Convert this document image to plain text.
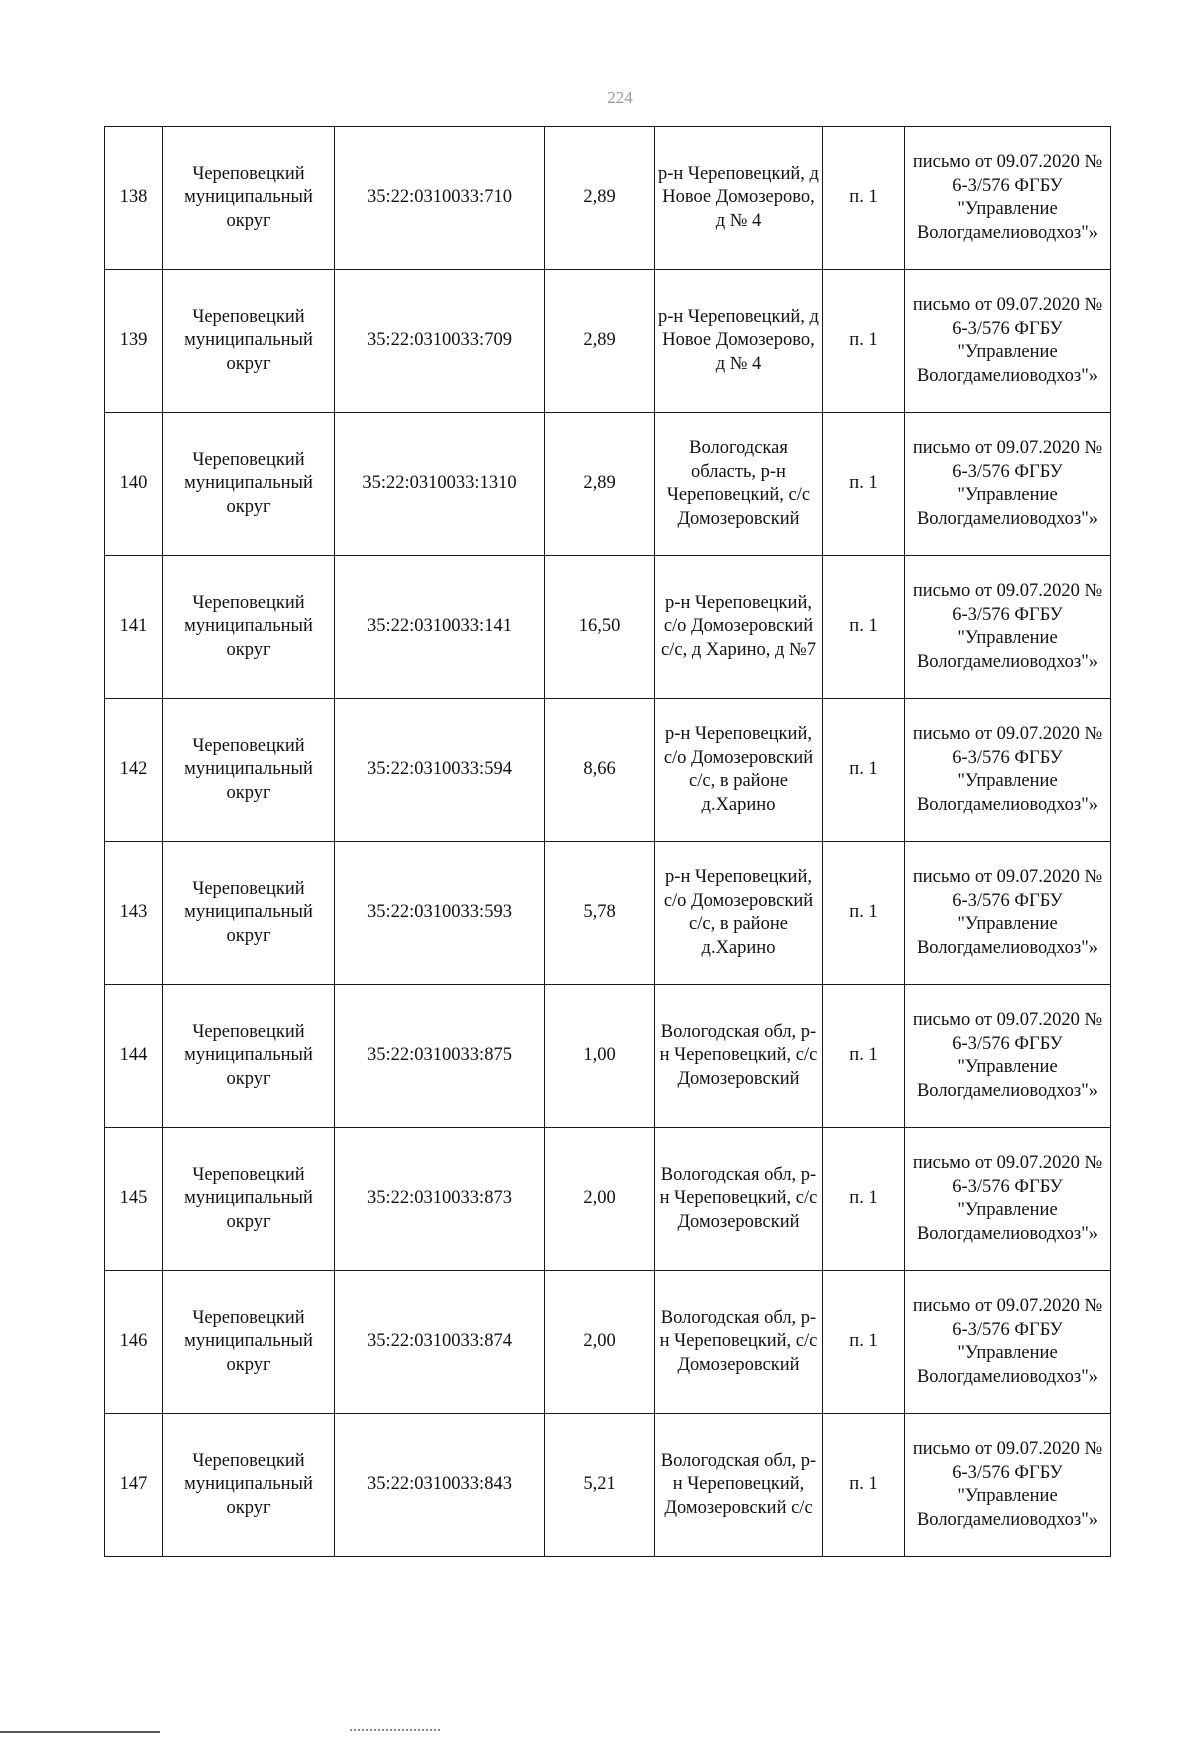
224
138	Череповецкий муниципальный округ	35:22:0310033:710	2,89	р-н Череповецкий, д Новое Домозерово, д № 4	п. 1	письмо от 09.07.2020 № 6-3/576 ФГБУ "Управление Вологдамелиоводхоз"»
139	Череповецкий муниципальный округ	35:22:0310033:709	2,89	р-н Череповецкий, д Новое Домозерово, д № 4	п. 1	письмо от 09.07.2020 № 6-3/576 ФГБУ "Управление Вологдамелиоводхоз"»
140	Череповецкий муниципальный округ	35:22:0310033:1310	2,89	Вологодская область, р-н Череповецкий, с/с Домозеровский	п. 1	письмо от 09.07.2020 № 6-3/576 ФГБУ "Управление Вологдамелиоводхоз"»
141	Череповецкий муниципальный округ	35:22:0310033:141	16,50	р-н Череповецкий, с/о Домозеровский с/с, д Харино, д №7	п. 1	письмо от 09.07.2020 № 6-3/576 ФГБУ "Управление Вологдамелиоводхоз"»
142	Череповецкий муниципальный округ	35:22:0310033:594	8,66	р-н Череповецкий, с/о Домозеровский с/с, в районе д.Харино	п. 1	письмо от 09.07.2020 № 6-3/576 ФГБУ "Управление Вологдамелиоводхоз"»
143	Череповецкий муниципальный округ	35:22:0310033:593	5,78	р-н Череповецкий, с/о Домозеровский с/с, в районе д.Харино	п. 1	письмо от 09.07.2020 № 6-3/576 ФГБУ "Управление Вологдамелиоводхоз"»
144	Череповецкий муниципальный округ	35:22:0310033:875	1,00	Вологодская обл, р-н Череповецкий, с/с Домозеровский	п. 1	письмо от 09.07.2020 № 6-3/576 ФГБУ "Управление Вологдамелиоводхоз"»
145	Череповецкий муниципальный округ	35:22:0310033:873	2,00	Вологодская обл, р-н Череповецкий, с/с Домозеровский	п. 1	письмо от 09.07.2020 № 6-3/576 ФГБУ "Управление Вологдамелиоводхоз"»
146	Череповецкий муниципальный округ	35:22:0310033:874	2,00	Вологодская обл, р-н Череповецкий, с/с Домозеровский	п. 1	письмо от 09.07.2020 № 6-3/576 ФГБУ "Управление Вологдамелиоводхоз"»
147	Череповецкий муниципальный округ	35:22:0310033:843	5,21	Вологодская обл, р-н Череповецкий, Домозеровский с/с	п. 1	письмо от 09.07.2020 № 6-3/576 ФГБУ "Управление Вологдамелиоводхоз"»
